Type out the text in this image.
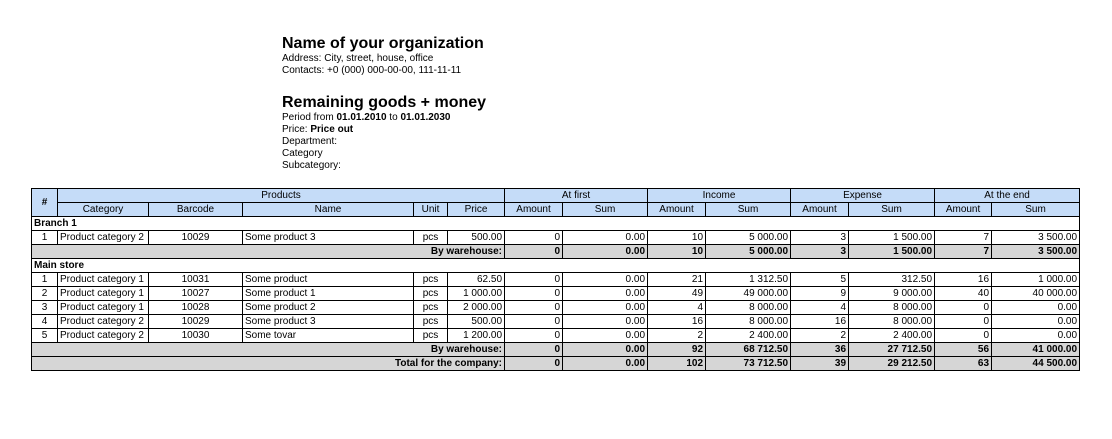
Name of your organization
Address: City, street, house, office
Contacts: +0 (000) 000-00-00, 111-11-11
Remaining goods + money
Period from 01.01.2010 to 01.01.2030
Price: Price out
Department:
Category
Subcategory:
#	Products					At first		Income		Expense		At the end	
	Category	Barcode	Name	Unit	Price	Amount	Sum	Amount	Sum	Amount	Sum	Amount	Sum
Branch 1													
1	Product category 2	10029	Some product 3	pcs	500.00	0	0.00	10	5 000.00	3	1 500.00	7	3 500.00
By warehouse:						0	0.00	10	5 000.00	3	1 500.00	7	3 500.00
Main store													
1	Product category 1	10031	Some product	pcs	62.50	0	0.00	21	1 312.50	5	312.50	16	1 000.00
2	Product category 1	10027	Some product 1	pcs	1 000.00	0	0.00	49	49 000.00	9	9 000.00	40	40 000.00
3	Product category 1	10028	Some product 2	pcs	2 000.00	0	0.00	4	8 000.00	4	8 000.00	0	0.00
4	Product category 2	10029	Some product 3	pcs	500.00	0	0.00	16	8 000.00	16	8 000.00	0	0.00
5	Product category 2	10030	Some tovar	pcs	1 200.00	0	0.00	2	2 400.00	2	2 400.00	0	0.00
By warehouse:						0	0.00	92	68 712.50	36	27 712.50	56	41 000.00
Total for the company:						0	0.00	102	73 712.50	39	29 212.50	63	44 500.00
